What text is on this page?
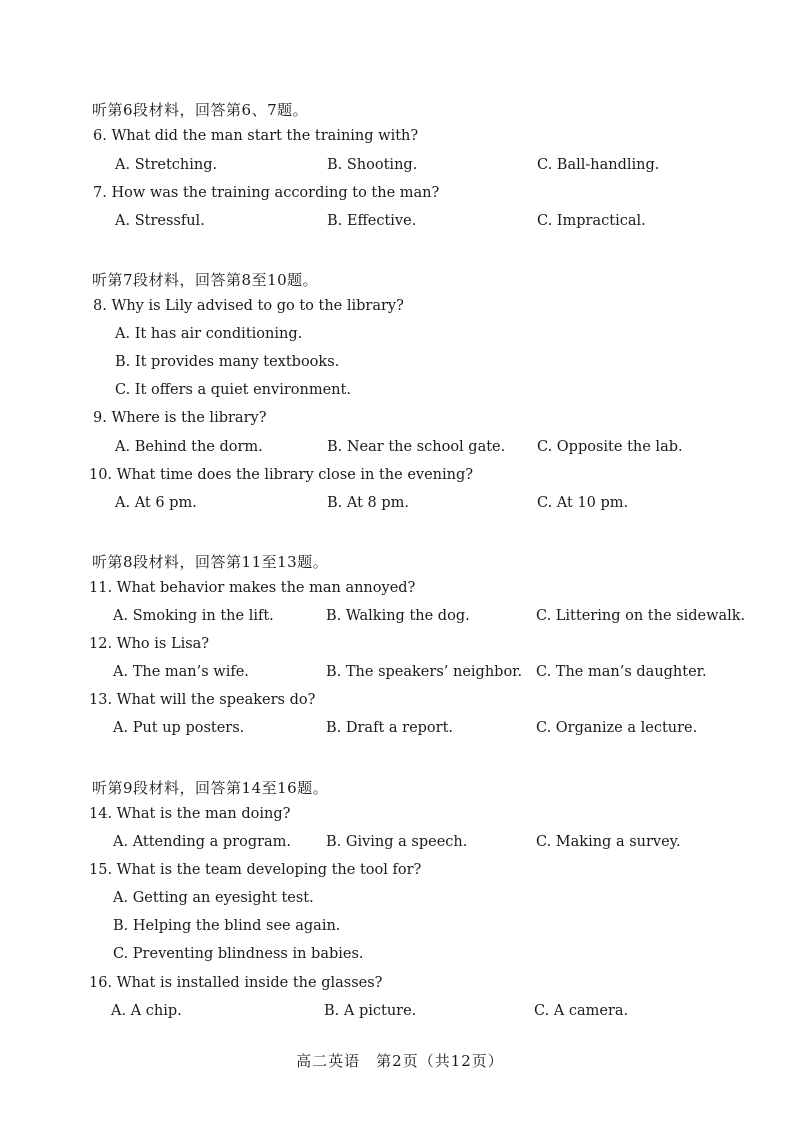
听第6段材料，回答第6、7题。
6. What did the man start the training with?
A. Stretching.	B. Shooting.	C. Ball-handling.
7. How was the training according to the man?
A. Stressful.	B. Effective.	C. Impractical.
听第7段材料，回答第8至10题。
8. Why is Lily advised to go to the library?
A. It has air conditioning.
B. It provides many textbooks.
C. It offers a quiet environment.
9. Where is the library?
A. Behind the dorm.	B. Near the school gate. C. Opposite the lab.
10. What time does the library close in the evening?
A. At 6 pm.	B. At 8 pm.	C. At 10 pm.
听第8段材料，回答第11至13题。
11. What behavior makes the man annoyed?
A. Smoking in the lift.	B. Walking the dog.	C. Littering on the sidewalk.
12. Who is Lisa?
A. The man’s wife.	B. The speakers’ neighbor. C. The man’s daughter.
13. What will the speakers do?
A. Put up posters.	B. Draft a report.	C. Organize a lecture.
听第9段材料，回答第14至16题。
14. What is the man doing?
A. Attending a program. B. Giving a speech.	C. Making a survey.
15. What is the team developing the tool for?
A. Getting an eyesight test.
B. Helping the blind see again.
C. Preventing blindness in babies.
16. What is installed inside the glasses?
A. A chip.	B. A picture.	C. A camera.
高二英语　第2页（共12页）
